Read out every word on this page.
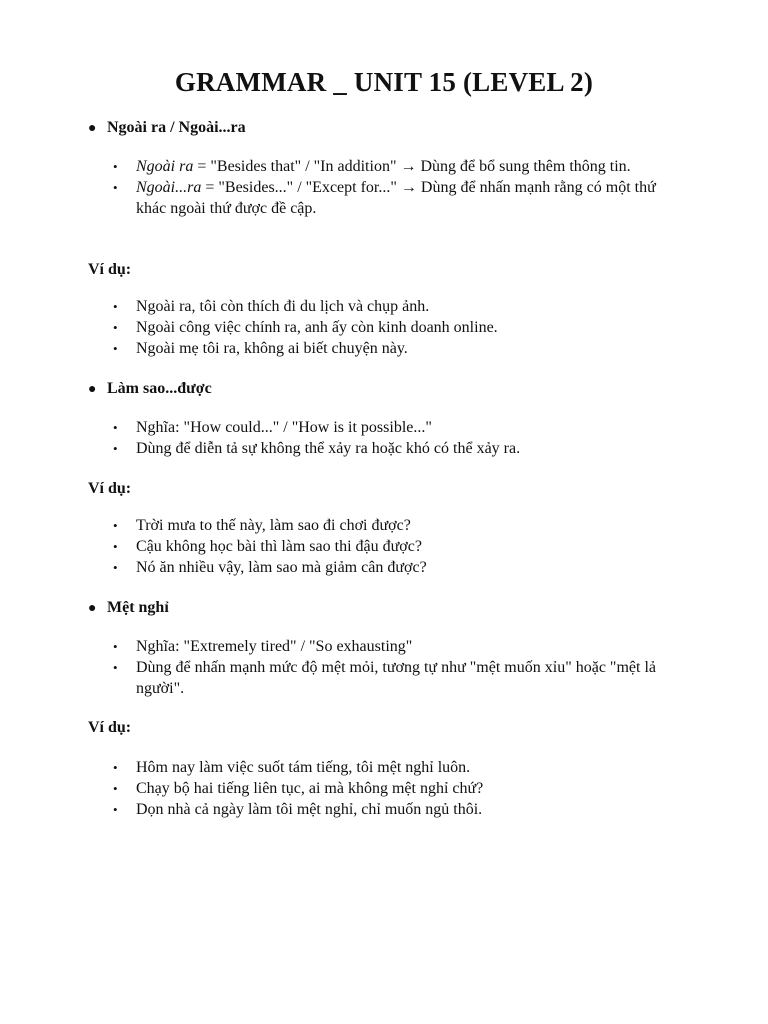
GRAMMAR _ UNIT 15 (LEVEL 2)
● Ngoài ra / Ngoài...ra
• Ngoài ra = "Besides that" / "In addition" → Dùng để bổ sung thêm thông tin.
• Ngoài...ra = "Besides..." / "Except for..." → Dùng để nhấn mạnh rằng có một thứ khác ngoài thứ được đề cập.
Ví dụ:
• Ngoài ra, tôi còn thích đi du lịch và chụp ảnh.
• Ngoài công việc chính ra, anh ấy còn kinh doanh online.
• Ngoài mẹ tôi ra, không ai biết chuyện này.
● Làm sao...được
• Nghĩa: "How could..." / "How is it possible..."
• Dùng để diễn tả sự không thể xảy ra hoặc khó có thể xảy ra.
Ví dụ:
• Trời mưa to thế này, làm sao đi chơi được?
• Cậu không học bài thì làm sao thi đậu được?
• Nó ăn nhiều vậy, làm sao mà giảm cân được?
● Mệt nghỉ
• Nghĩa: "Extremely tired" / "So exhausting"
• Dùng để nhấn mạnh mức độ mệt mỏi, tương tự như "mệt muốn xỉu" hoặc "mệt lả người".
Ví dụ:
• Hôm nay làm việc suốt tám tiếng, tôi mệt nghỉ luôn.
• Chạy bộ hai tiếng liên tục, ai mà không mệt nghỉ chứ?
• Dọn nhà cả ngày làm tôi mệt nghỉ, chỉ muốn ngủ thôi.
